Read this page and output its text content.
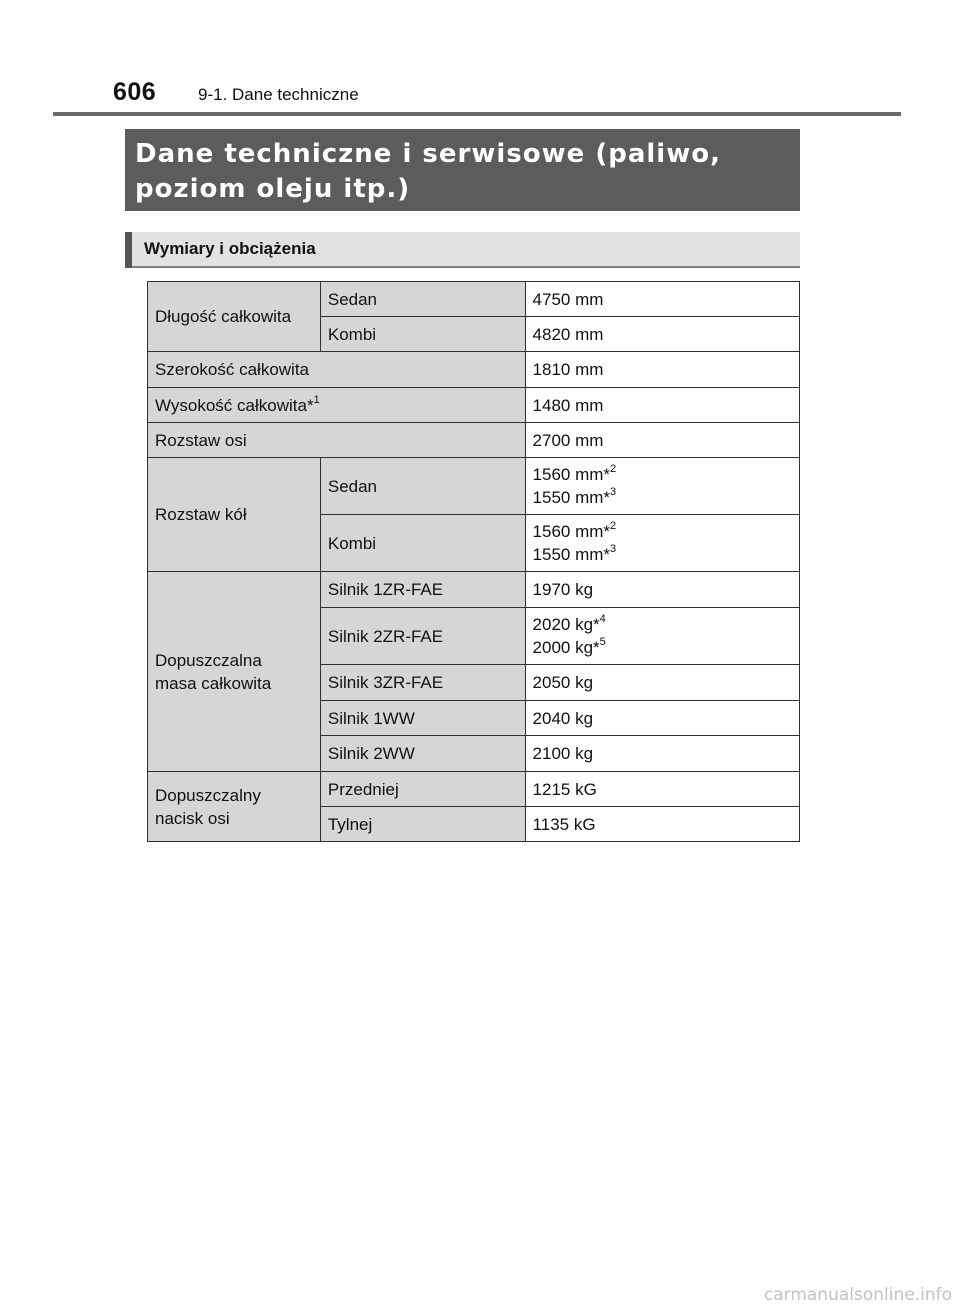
606 9-1. Dane techniczne
Dane techniczne i serwisowe (paliwo,
poziom oleju itp.)
Wymiary i obciążenia
Długość całkowita	Sedan	4750 mm
	Kombi	4820 mm
Szerokość całkowita		1810 mm
Wysokość całkowita*$^1$		1480 mm
Rozstaw osi		2700 mm
Rozstaw kół	Sedan	1560 mm*$^2$
1550 mm*$^3$

	Kombi	1560 mm*$^2$
1550 mm*$^3$

Dopuszczalna
masa całkowita	Silnik 1ZR-FAE	1970 kg
	Silnik 2ZR-FAE	2020 kg*$^4$
2000 kg*$^5$

	Silnik 3ZR-FAE	2050 kg
	Silnik 1WW	2040 kg
	Silnik 2WW	2100 kg

Dopuszczalny
nacisk osi	Przedniej	1215 kG
	Tylnej	1135 kG
carmanualsonline.info
